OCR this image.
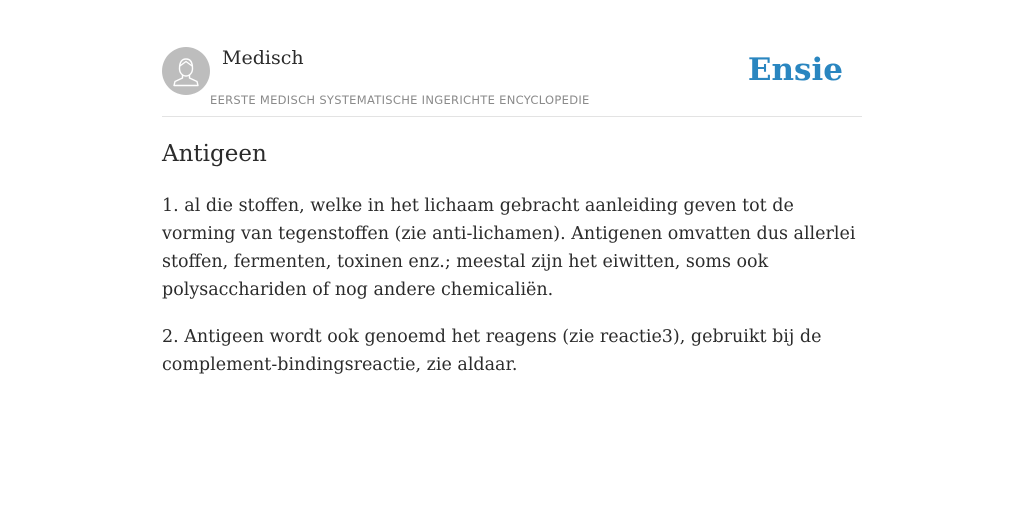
Medisch
EERSTE MEDISCH SYSTEMATISCHE INGERICHTE ENCYCLOPEDIE
Ensie
Antigeen

1. al die stoffen, welke in het lichaam gebracht aanleiding geven tot de vorming van tegenstoffen (zie anti-lichamen). Antigenen omvatten dus allerlei stoffen, fermenten, toxinen enz.; meestal zijn het eiwitten, soms ook polysacchariden of nog andere chemicaliën.

2. Antigeen wordt ook genoemd het reagens (zie reactie3), gebruikt bij de complement-bindingsreactie, zie aldaar.
